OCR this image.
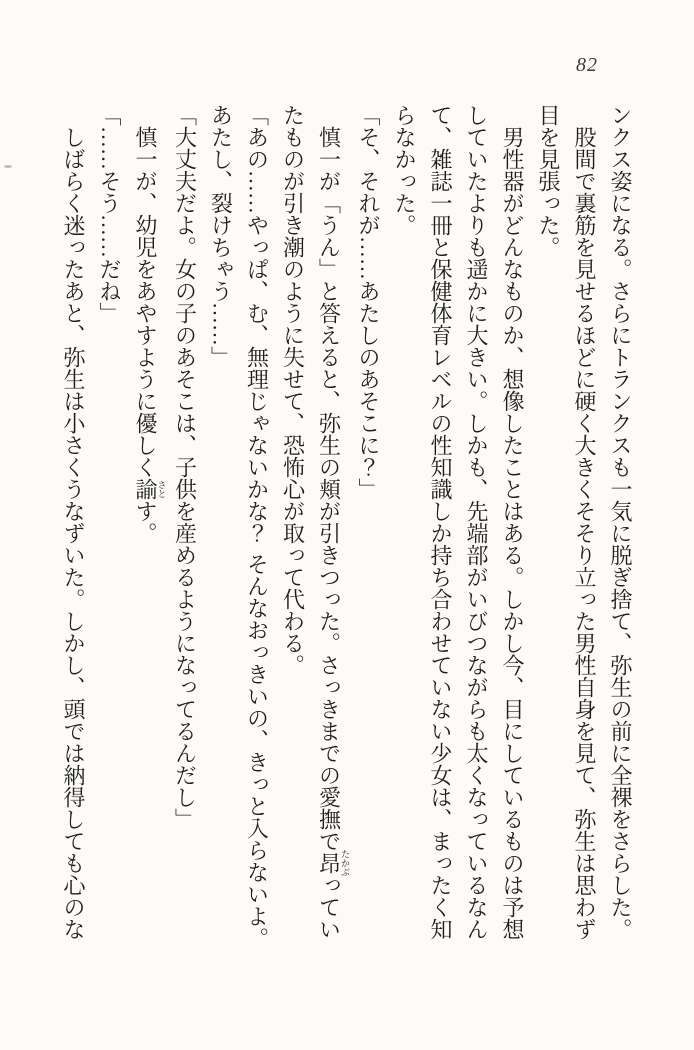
82

ンクス姿になる。さらにトランクスも一気に脱ぎ捨て、弥生の前に全裸をさらした。

股間で裏筋を見せるほどに硬く大きくそそり立った男性自身を見て、弥生は思わず目を見張った。

男性器がどんなものか、想像したことはある。しかし今、目にしているものは予想していたよりも遥かに大きい。しかも、先端部がいびつながらも太くなっているなんて、雑誌一冊と保健体育レベルの性知識しか持ち合わせていない少女は、まったく知らなかった。

「そ、それが……あたしのあそこに？」

慎一が「うん」と答えると、弥生の頬が引きつった。さっきまでの愛撫で昂たかぶっていたものが引き潮のように失せて、恐怖心が取って代わる。

「あの……やっぱ、む、無理じゃないかな？そんなおっきいの、きっと入らないよ。あたし、裂けちゃう……」

「大丈夫だよ。女の子のあそこは、子供を産めるようになってるんだし」

慎一が、幼児をあやすように優しく諭さとす。

「……そう……だね」

しばらく迷ったあと、弥生は小さくうなずいた。しかし、頭では納得しても心のな
